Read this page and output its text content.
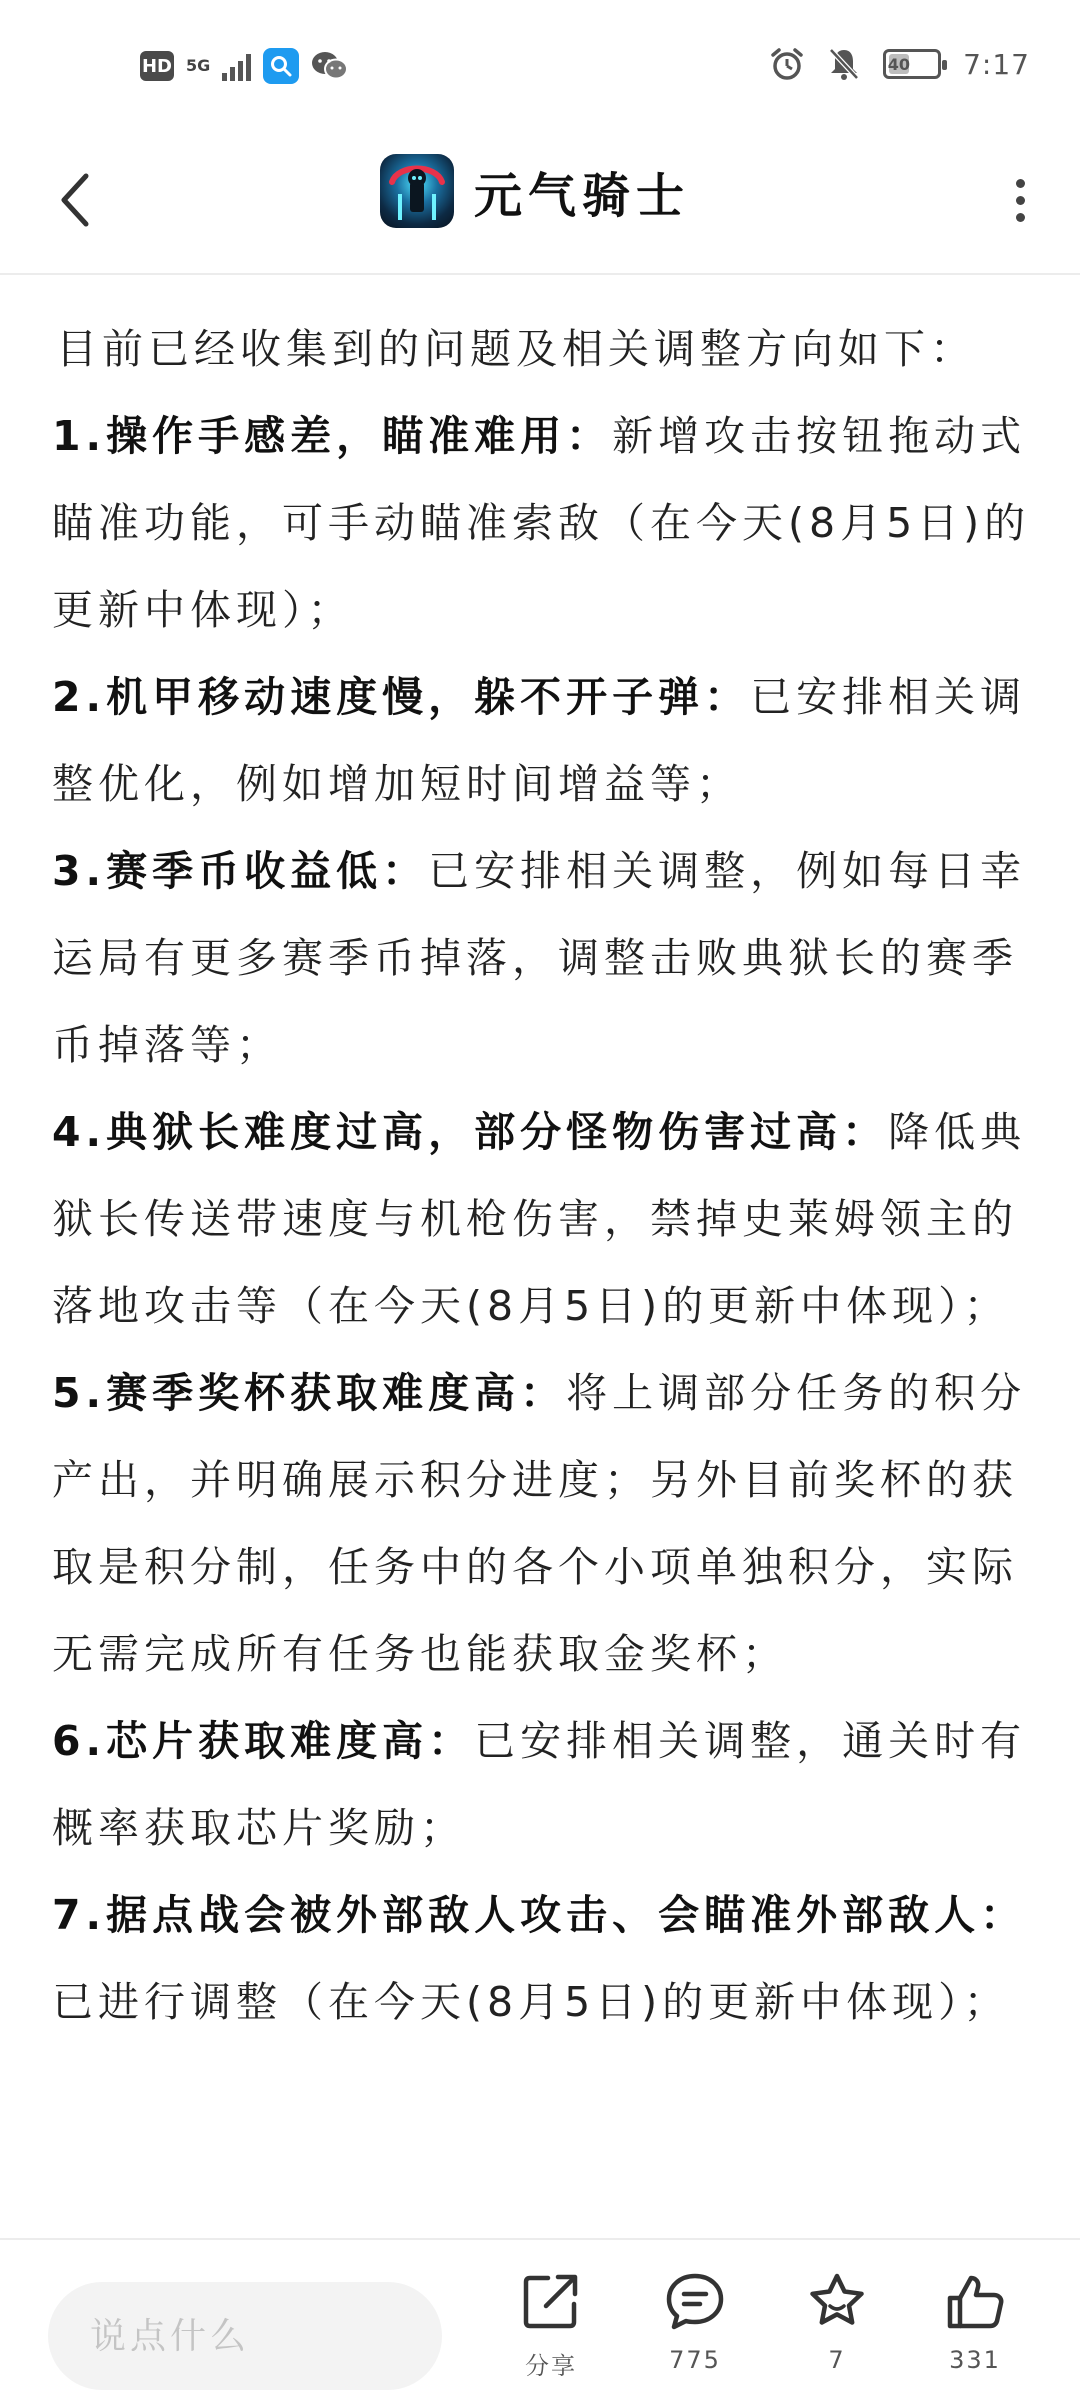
HD 5G	40 7:17
元气骑士

目前已经收集到的问题及相关调整方向如下：

1.操作手感差，瞄准难用：新增攻击按钮拖动式瞄准功能，可手动瞄准索敌（在今天(8月5日)的更新中体现）；

2.机甲移动速度慢，躲不开子弹：已安排相关调整优化，例如增加短时间增益等；

3.赛季币收益低：已安排相关调整，例如每日幸运局有更多赛季币掉落，调整击败典狱长的赛季币掉落等；

4.典狱长难度过高，部分怪物伤害过高：降低典狱长传送带速度与机枪伤害，禁掉史莱姆领主的落地攻击等（在今天(8月5日)的更新中体现）；

5.赛季奖杯获取难度高：将上调部分任务的积分产出，并明确展示积分进度；另外目前奖杯的获取是积分制，任务中的各个小项单独积分，实际无需完成所有任务也能获取金奖杯；

6.芯片获取难度高：已安排相关调整，通关时有概率获取芯片奖励；

7.据点战会被外部敌人攻击、会瞄准外部敌人：已进行调整（在今天(8月5日)的更新中体现）；

说点什么
分享	775	7	331
